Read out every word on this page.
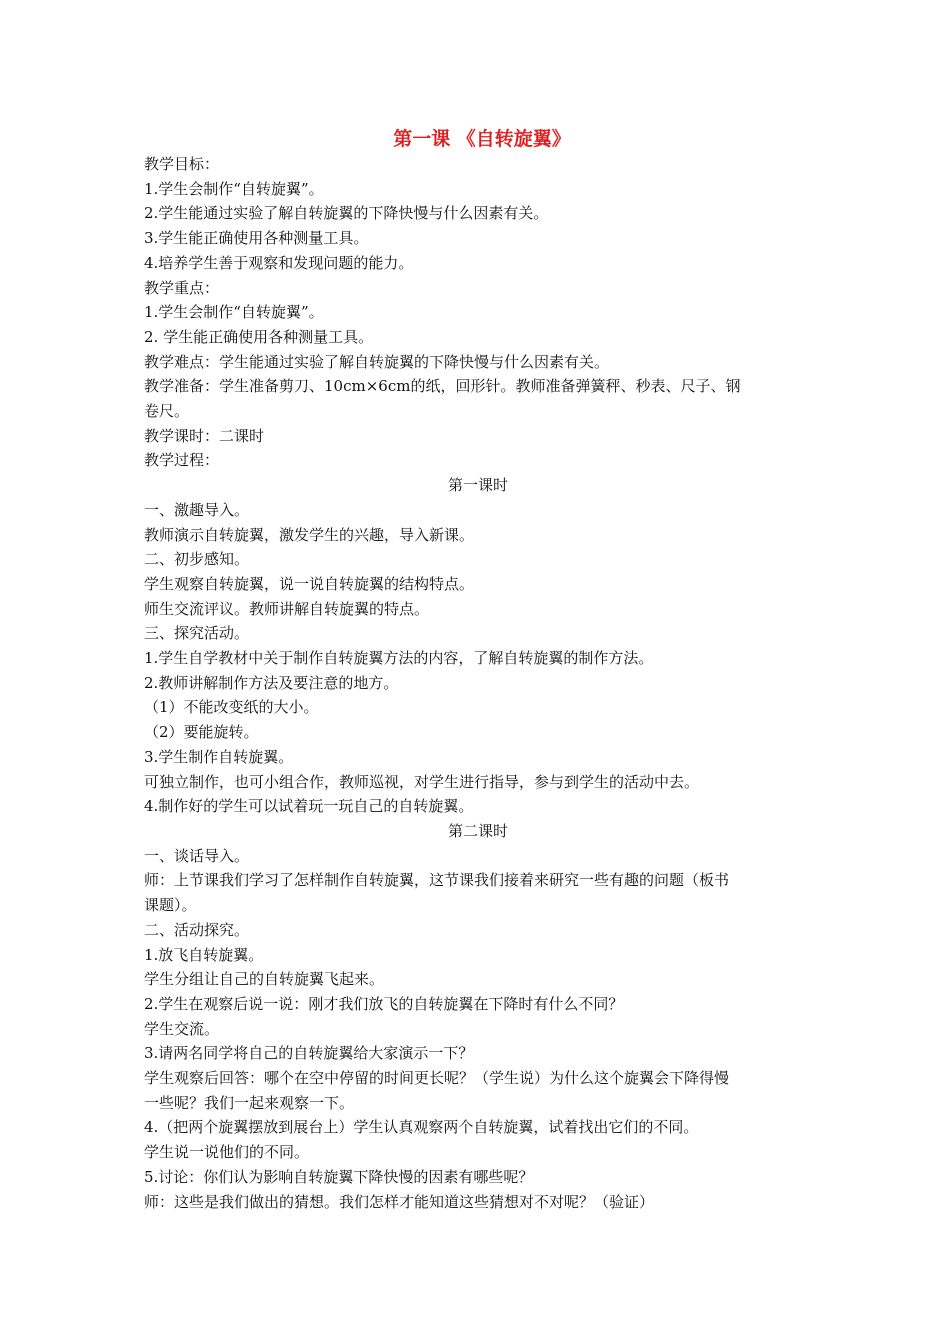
第一课 《自转旋翼》

教学目标：

1.学生会制作“自转旋翼”。

2.学生能通过实验了解自转旋翼的下降快慢与什么因素有关。

3.学生能正确使用各种测量工具。

4.培养学生善于观察和发现问题的能力。

教学重点：

1.学生会制作“自转旋翼”。

2. 学生能正确使用各种测量工具。

教学难点：学生能通过实验了解自转旋翼的下降快慢与什么因素有关。

教学准备：学生准备剪刀、10cm×6cm的纸，回形针。教师准备弹簧秤、秒表、尺子、钢

卷尺。

教学课时：二课时

教学过程：

第一课时

一、激趣导入。

教师演示自转旋翼，激发学生的兴趣，导入新课。

二、初步感知。

学生观察自转旋翼，说一说自转旋翼的结构特点。

师生交流评议。教师讲解自转旋翼的特点。

三、探究活动。

1.学生自学教材中关于制作自转旋翼方法的内容，了解自转旋翼的制作方法。

2.教师讲解制作方法及要注意的地方。

（1）不能改变纸的大小。

（2）要能旋转。

3.学生制作自转旋翼。

可独立制作，也可小组合作，教师巡视，对学生进行指导，参与到学生的活动中去。

4.制作好的学生可以试着玩一玩自己的自转旋翼。

第二课时

一、谈话导入。

师：上节课我们学习了怎样制作自转旋翼，这节课我们接着来研究一些有趣的问题（板书

课题）。

二、活动探究。

1.放飞自转旋翼。

学生分组让自己的自转旋翼飞起来。

2.学生在观察后说一说：刚才我们放飞的自转旋翼在下降时有什么不同？

学生交流。

3.请两名同学将自己的自转旋翼给大家演示一下？

学生观察后回答：哪个在空中停留的时间更长呢？（学生说）为什么这个旋翼会下降得慢

一些呢？我们一起来观察一下。

4.（把两个旋翼摆放到展台上）学生认真观察两个自转旋翼，试着找出它们的不同。

学生说一说他们的不同。

5.讨论：你们认为影响自转旋翼下降快慢的因素有哪些呢？

师：这些是我们做出的猜想。我们怎样才能知道这些猜想对不对呢？（验证）
